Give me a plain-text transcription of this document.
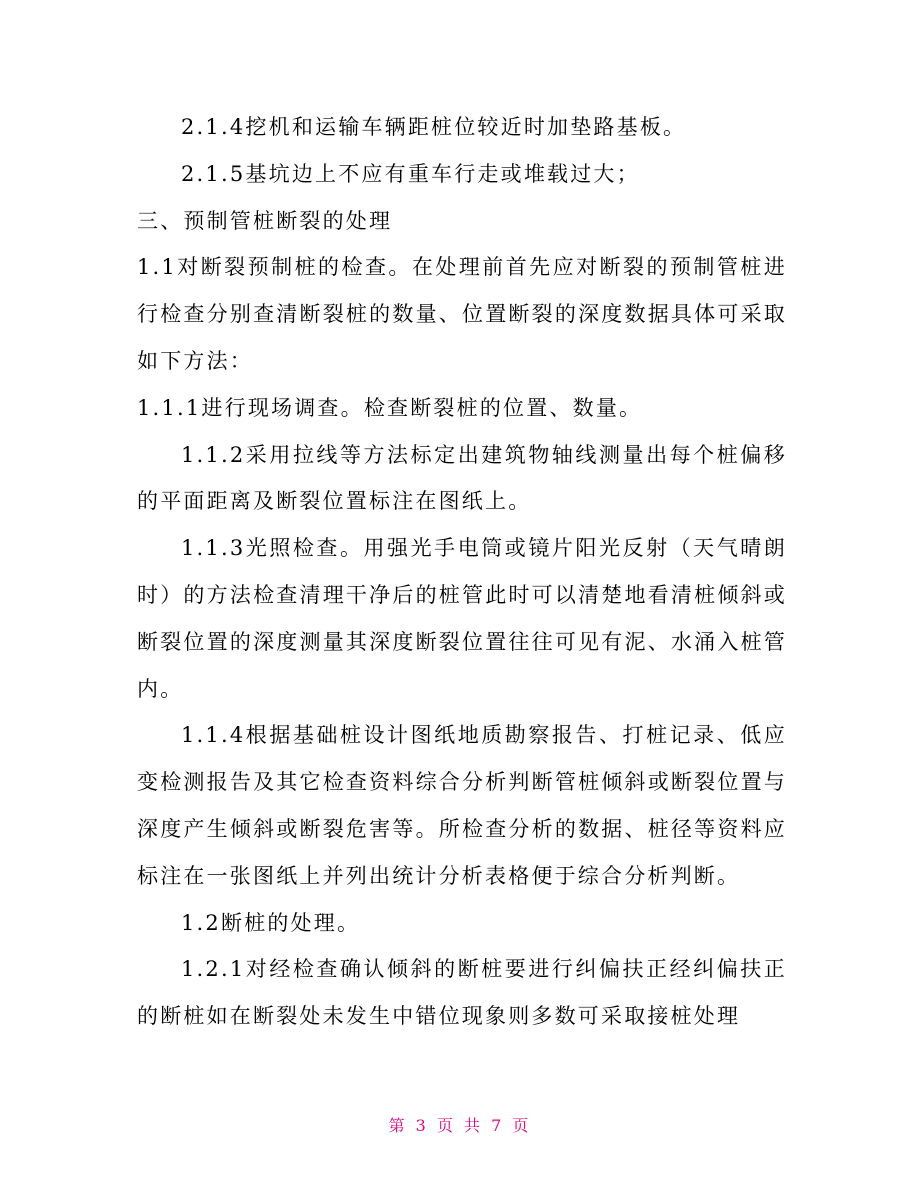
2.1.4挖机和运输车辆距桩位较近时加垫路基板。

2.1.5基坑边上不应有重车行走或堆载过大；

三、预制管桩断裂的处理

1.1对断裂预制桩的检查。在处理前首先应对断裂的预制管桩进行检查分别查清断裂桩的数量、位置断裂的深度数据具体可采取如下方法：

1.1.1进行现场调查。检查断裂桩的位置、数量。

1.1.2采用拉线等方法标定出建筑物轴线测量出每个桩偏移的平面距离及断裂位置标注在图纸上。

1.1.3光照检查。用强光手电筒或镜片阳光反射（天气晴朗时）的方法检查清理干净后的桩管此时可以清楚地看清桩倾斜或断裂位置的深度测量其深度断裂位置往往可见有泥、水涌入桩管内。

1.1.4根据基础桩设计图纸地质勘察报告、打桩记录、低应变检测报告及其它检查资料综合分析判断管桩倾斜或断裂位置与深度产生倾斜或断裂危害等。所检查分析的数据、桩径等资料应标注在一张图纸上并列出统计分析表格便于综合分析判断。

1.2断桩的处理。

1.2.1对经检查确认倾斜的断桩要进行纠偏扶正经纠偏扶正的断桩如在断裂处未发生中错位现象则多数可采取接桩处理

第 3 页 共 7 页
